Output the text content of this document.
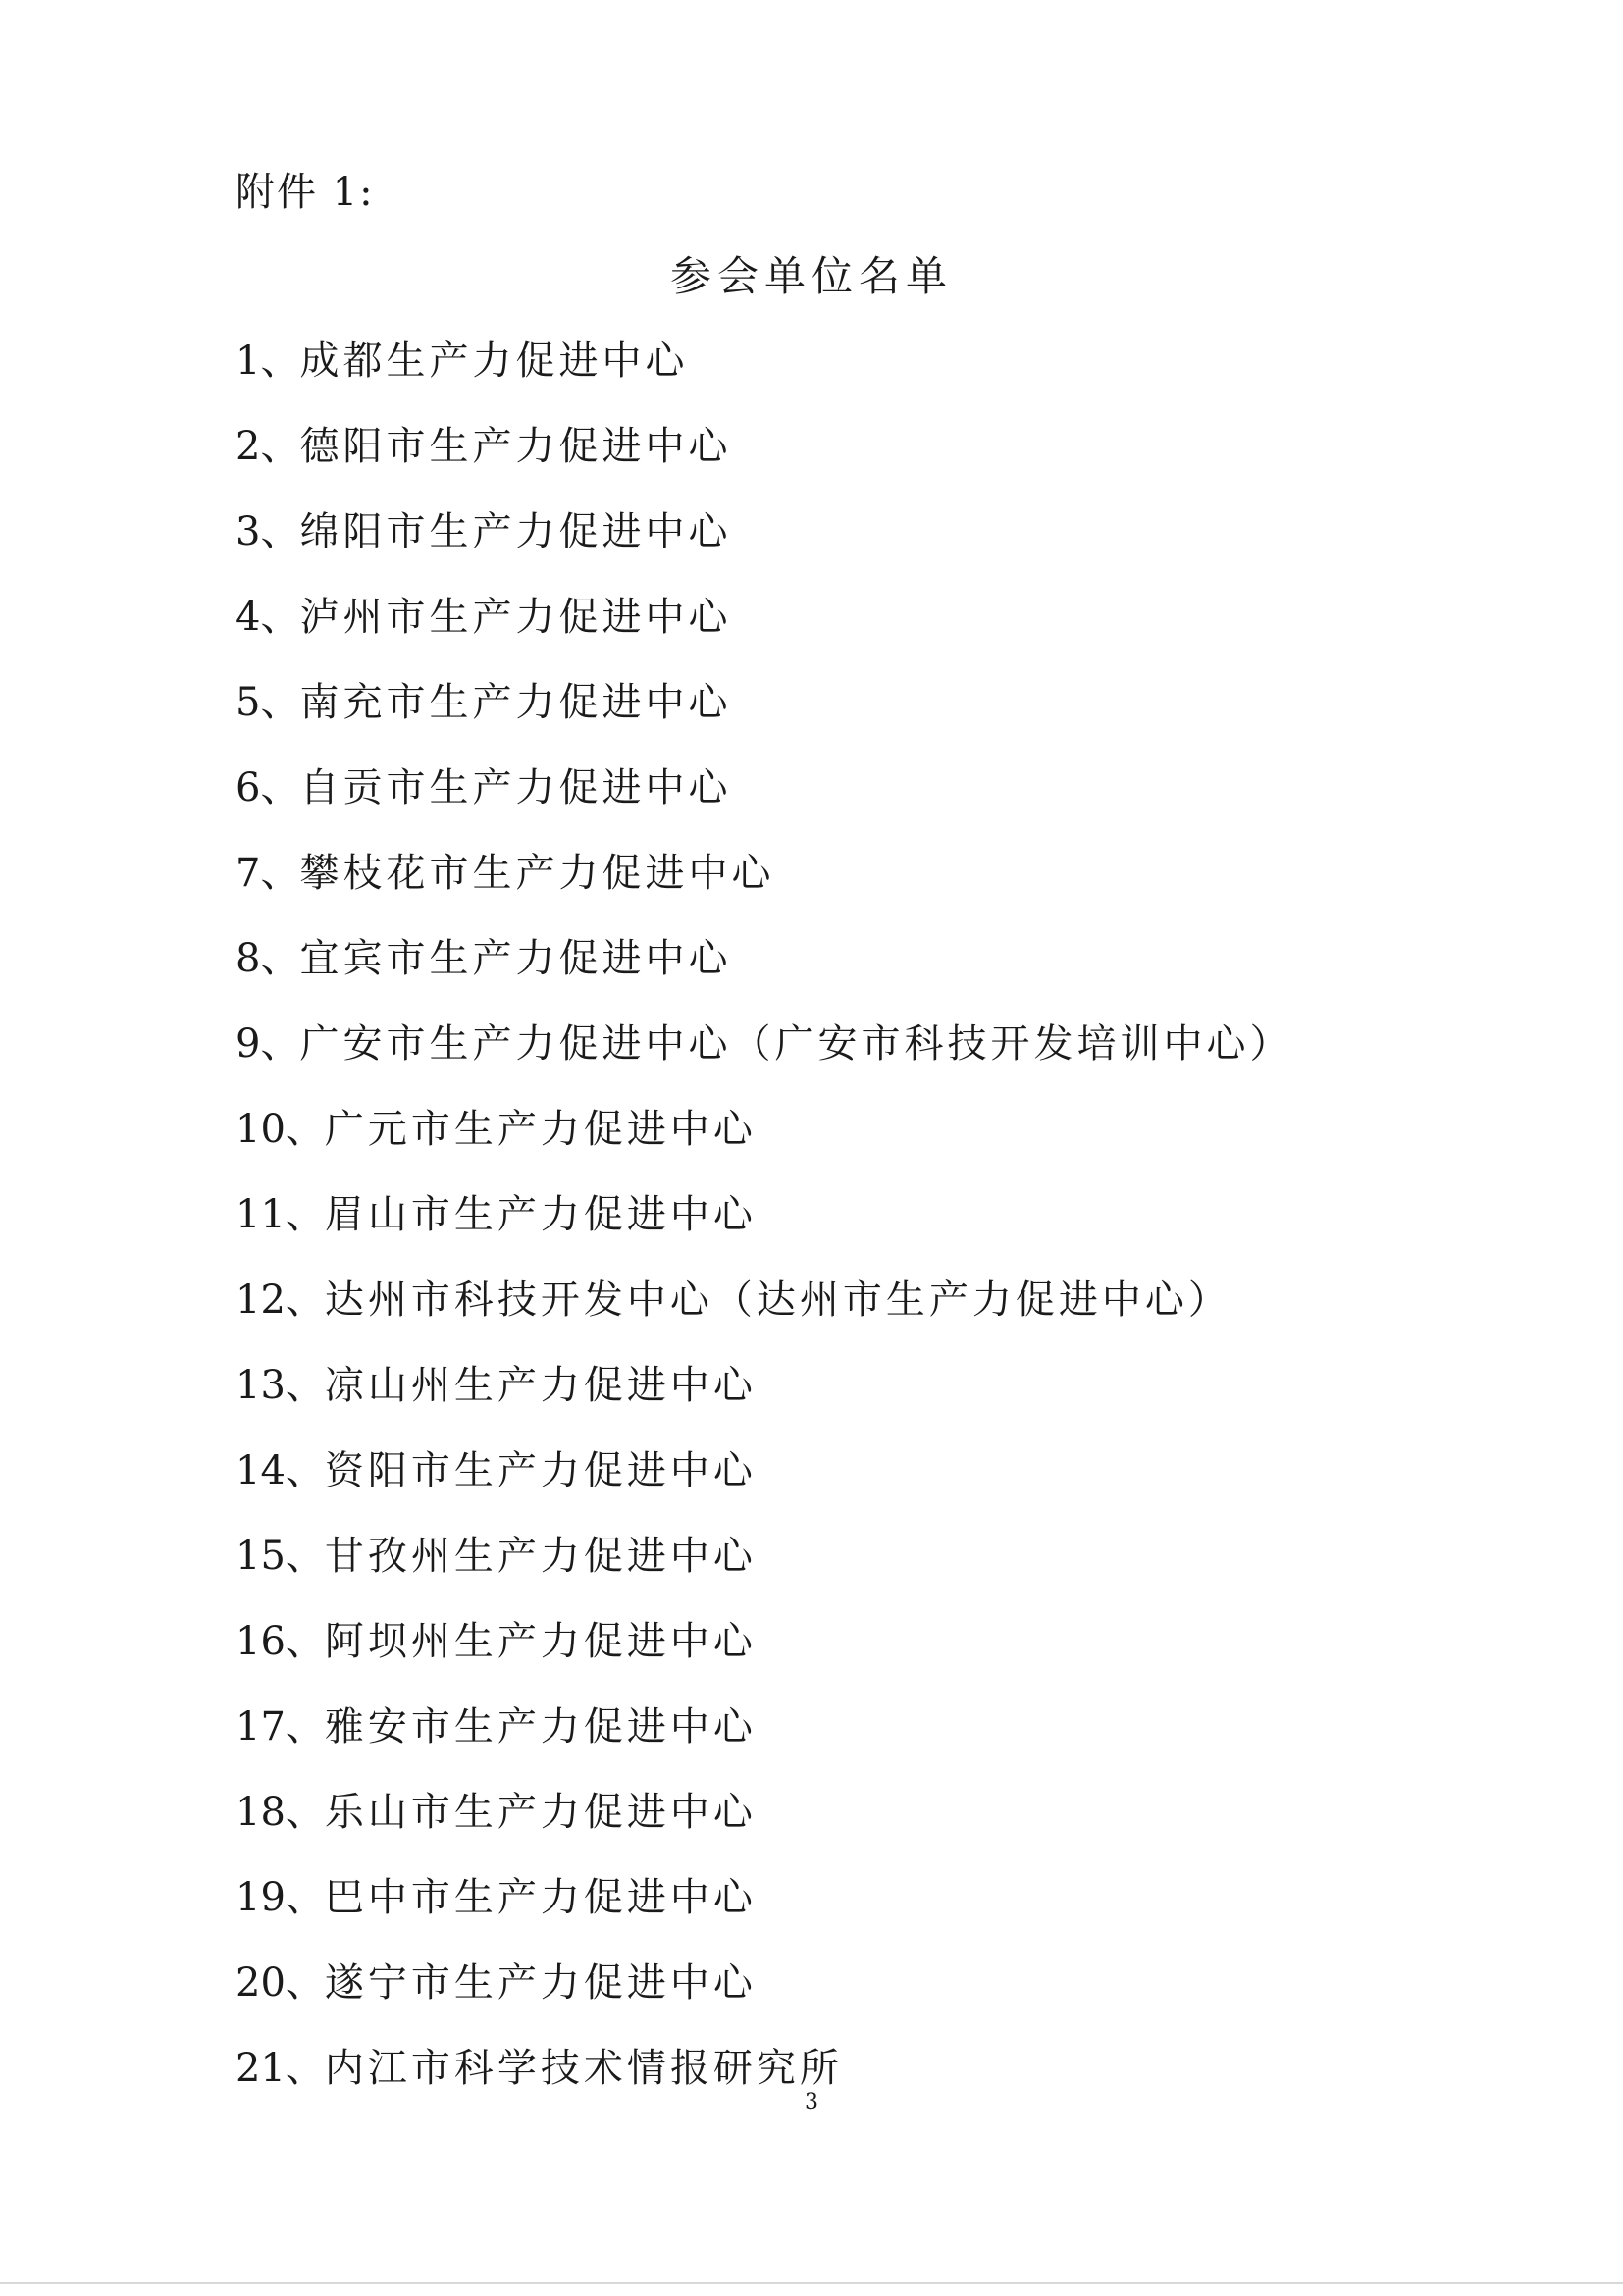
附件 1:
参会单位名单
1、成都生产力促进中心
2、德阳市生产力促进中心
3、绵阳市生产力促进中心
4、泸州市生产力促进中心
5、南充市生产力促进中心
6、自贡市生产力促进中心
7、攀枝花市生产力促进中心
8、宜宾市生产力促进中心
9、广安市生产力促进中心（广安市科技开发培训中心）
10、广元市生产力促进中心
11、眉山市生产力促进中心
12、达州市科技开发中心（达州市生产力促进中心）
13、凉山州生产力促进中心
14、资阳市生产力促进中心
15、甘孜州生产力促进中心
16、阿坝州生产力促进中心
17、雅安市生产力促进中心
18、乐山市生产力促进中心
19、巴中市生产力促进中心
20、遂宁市生产力促进中心
21、内江市科学技术情报研究所
3
